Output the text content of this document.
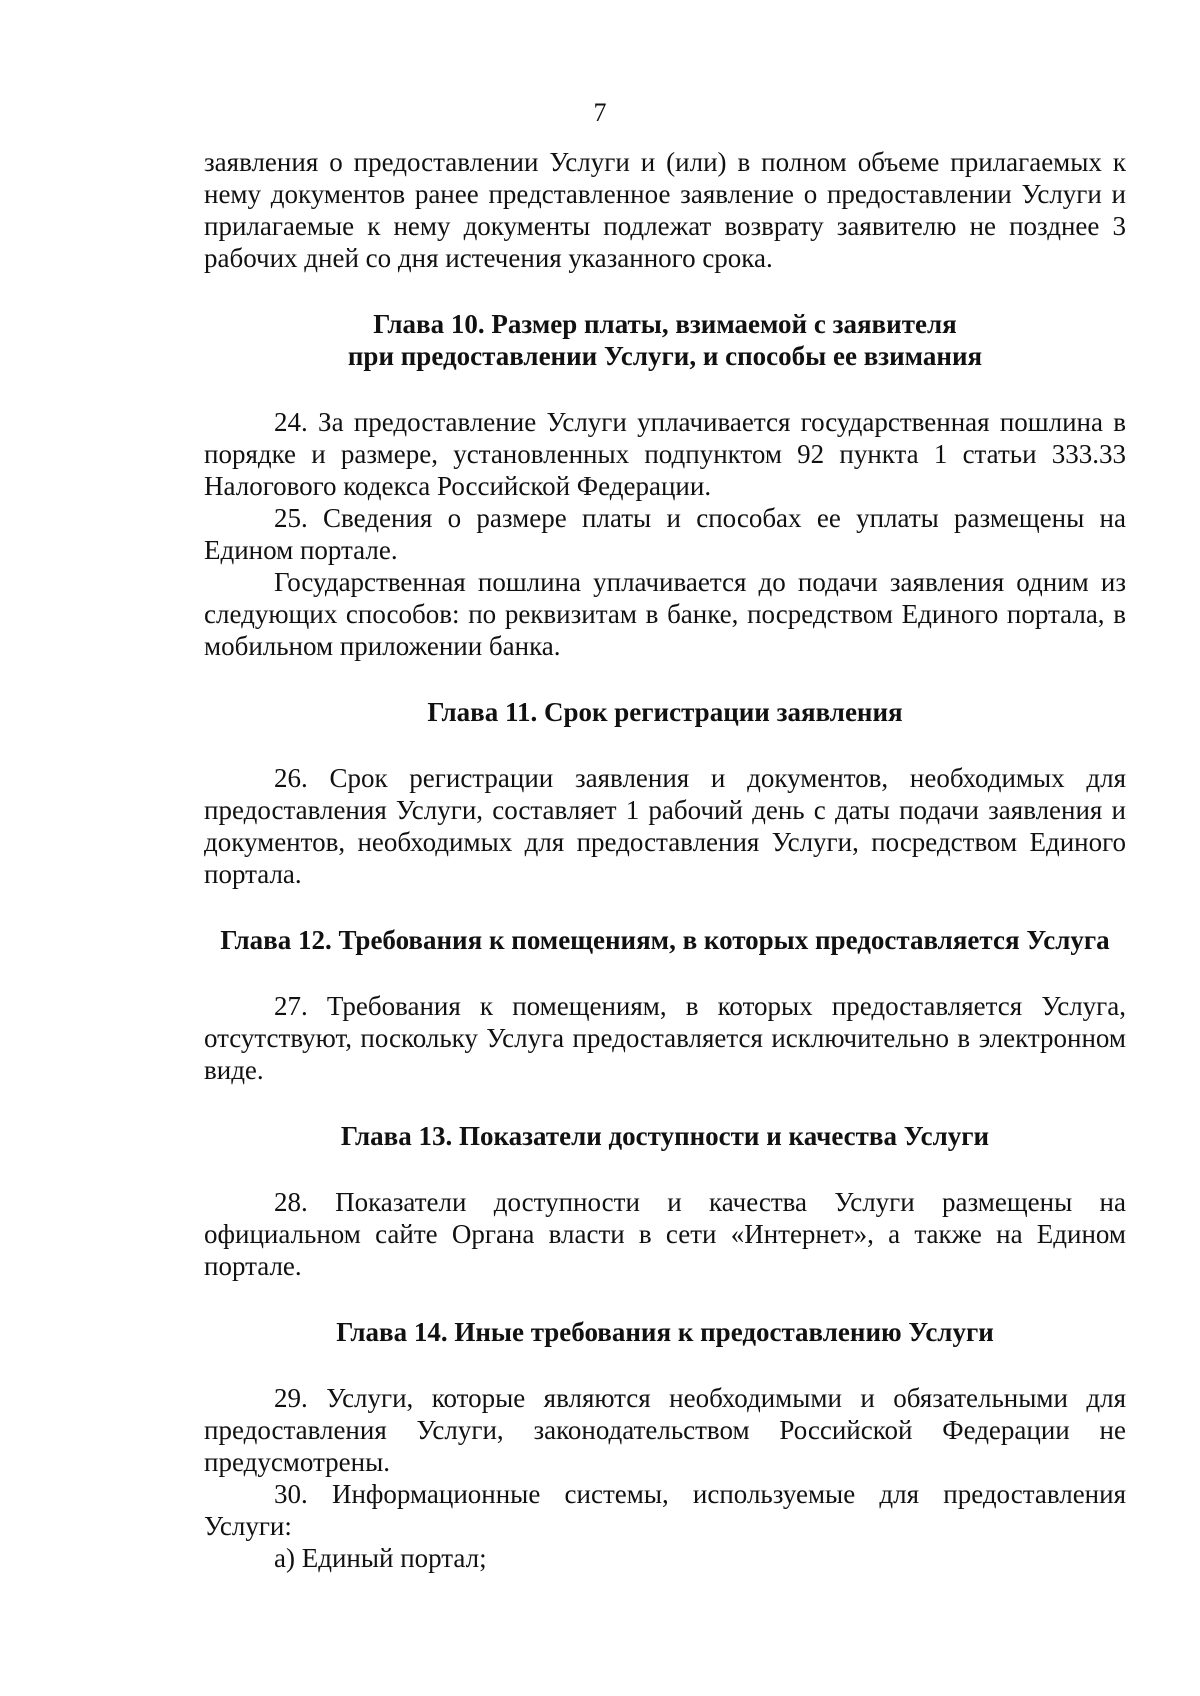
7

заявления о предоставлении Услуги и (или) в полном объеме прилагаемых к нему документов ранее представленное заявление о предоставлении Услуги и прилагаемые к нему документы подлежат возврату заявителю не позднее 3 рабочих дней со дня истечения указанного срока.

Глава 10. Размер платы, взимаемой с заявителя

при предоставлении Услуги, и способы ее взимания

24. За предоставление Услуги уплачивается государственная пошлина в порядке и размере, установленных подпунктом 92 пункта 1 статьи 333.33 Налогового кодекса Российской Федерации.

25. Сведения о размере платы и способах ее уплаты размещены на Едином портале.

Государственная пошлина уплачивается до подачи заявления одним из следующих способов: по реквизитам в банке, посредством Единого портала, в мобильном приложении банка.

Глава 11. Срок регистрации заявления

26. Срок регистрации заявления и документов, необходимых для предоставления Услуги, составляет 1 рабочий день с даты подачи заявления и документов, необходимых для предоставления Услуги, посредством Единого портала.

Глава 12. Требования к помещениям, в которых предоставляется Услуга

27. Требования к помещениям, в которых предоставляется Услуга, отсутствуют, поскольку Услуга предоставляется исключительно в электронном виде.

Глава 13. Показатели доступности и качества Услуги

28. Показатели доступности и качества Услуги размещены на официальном сайте Органа власти в сети «Интернет», а также на Едином портале.

Глава 14. Иные требования к предоставлению Услуги

29. Услуги, которые являются необходимыми и обязательными для предоставления Услуги, законодательством Российской Федерации не предусмотрены.

30. Информационные системы, используемые для предоставления Услуги:

а) Единый портал;
